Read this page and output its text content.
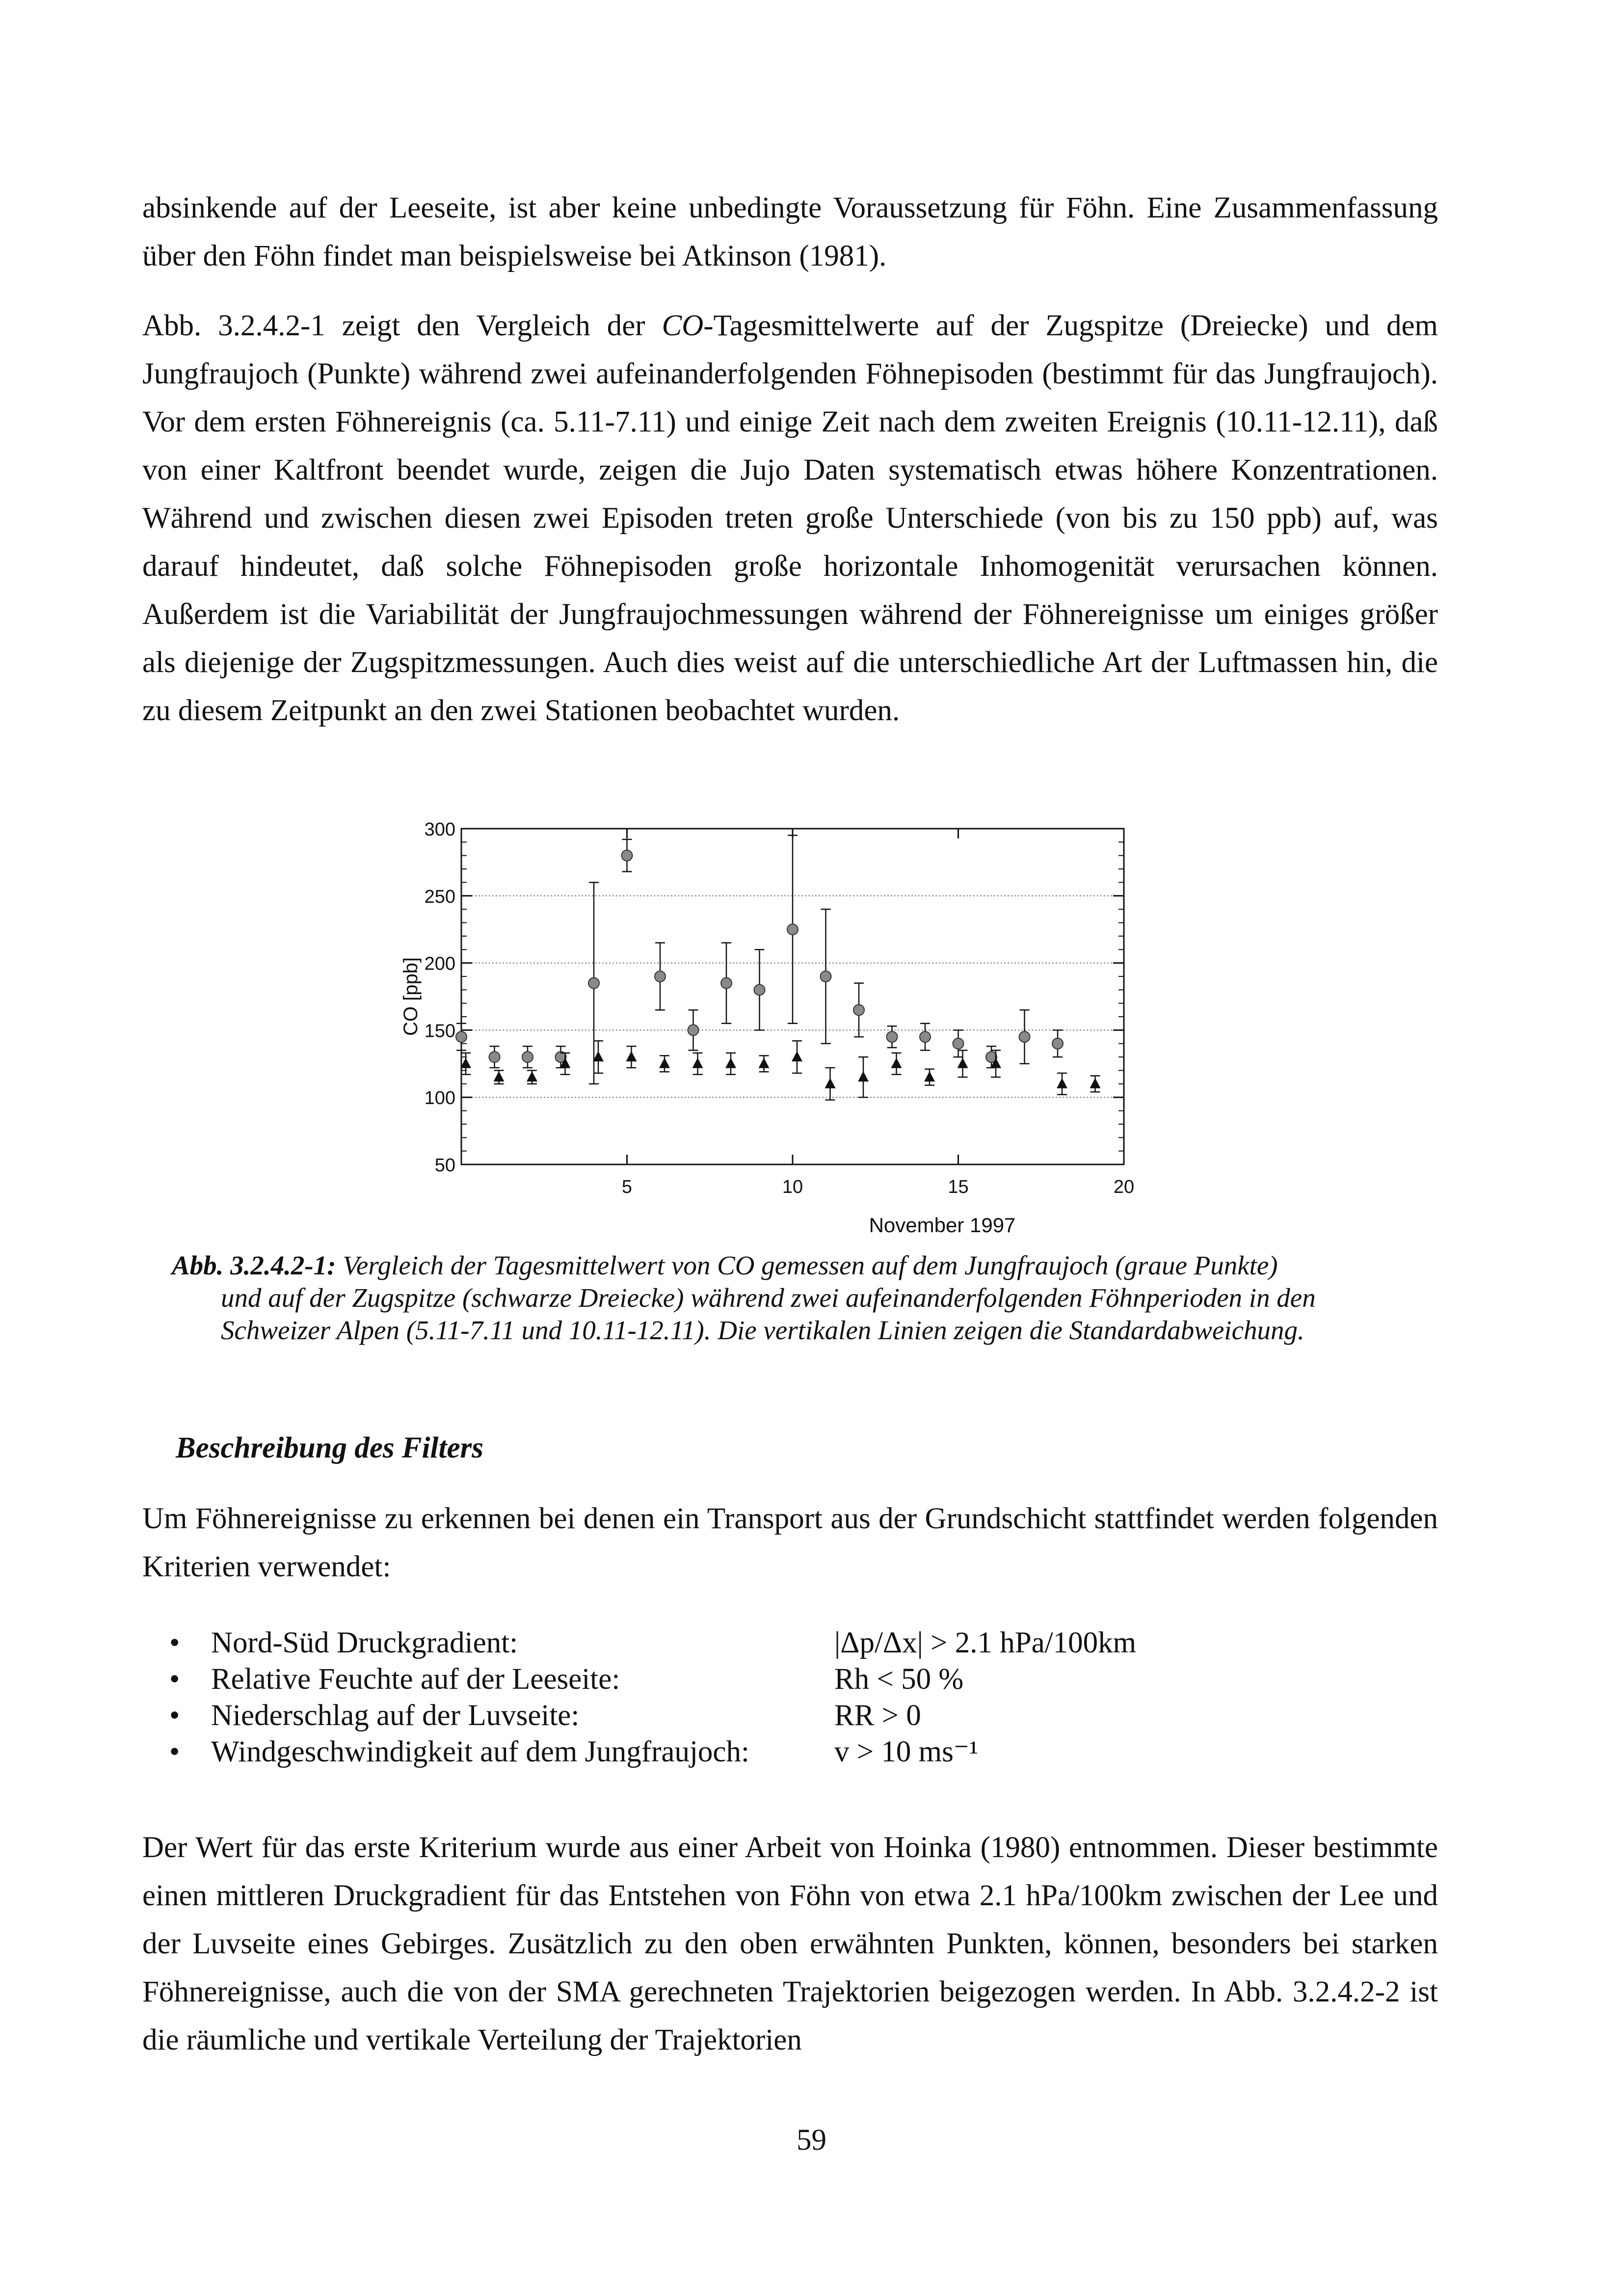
absinkende auf der Leeseite, ist aber keine unbedingte Voraussetzung für Föhn. Eine Zusammenfassung über den Föhn findet man beispielsweise bei Atkinson (1981).

Abb. 3.2.4.2-1 zeigt den Vergleich der CO-Tagesmittelwerte auf der Zugspitze (Dreiecke) und dem Jungfraujoch (Punkte) während zwei aufeinanderfolgenden Föhnepisoden (bestimmt für das Jungfraujoch). Vor dem ersten Föhnereignis (ca. 5.11-7.11) und einige Zeit nach dem zweiten Ereignis (10.11-12.11), daß von einer Kaltfront beendet wurde, zeigen die Jujo Daten systematisch etwas höhere Konzentrationen. Während und zwischen diesen zwei Episoden treten große Unterschiede (von bis zu 150 ppb) auf, was darauf hindeutet, daß solche Föhnepisoden große horizontale Inhomogenität verursachen können. Außerdem ist die Variabilität der Jungfraujochmessungen während der Föhnereignisse um einiges größer als diejenige der Zugspitzmessungen. Auch dies weist auf die unterschiedliche Art der Luftmassen hin, die zu diesem Zeitpunkt an den zwei Stationen beobachtet wurden.

50
100
150
200
250
300
5	10	15	20
CO [ppb]
November 1997

Abb. 3.2.4.2-1: Vergleich der Tagesmittelwert von CO gemessen auf dem Jungfraujoch (graue Punkte)
und auf der Zugspitze (schwarze Dreiecke) während zwei aufeinanderfolgenden Föhnperioden in den
Schweizer Alpen (5.11-7.11 und 10.11-12.11). Die vertikalen Linien zeigen die Standardabweichung.

Beschreibung des Filters

Um Föhnereignisse zu erkennen bei denen ein Transport aus der Grundschicht stattfindet werden folgenden Kriterien verwendet:

• Nord-Süd Druckgradient:	|Δp/Δx| > 2.1 hPa/100km
• Relative Feuchte auf der Leeseite:	Rh < 50 %
• Niederschlag auf der Luvseite:	RR > 0
• Windgeschwindigkeit auf dem Jungfraujoch:	v > 10 ms⁻¹

Der Wert für das erste Kriterium wurde aus einer Arbeit von Hoinka (1980) entnommen. Dieser bestimmte einen mittleren Druckgradient für das Entstehen von Föhn von etwa 2.1 hPa/100km zwischen der Lee und der Luvseite eines Gebirges. Zusätzlich zu den oben erwähnten Punkten, können, besonders bei starken Föhnereignisse, auch die von der SMA gerechneten Trajektorien beigezogen werden. In Abb. 3.2.4.2-2 ist die räumliche und vertikale Verteilung der Trajektorien

59
